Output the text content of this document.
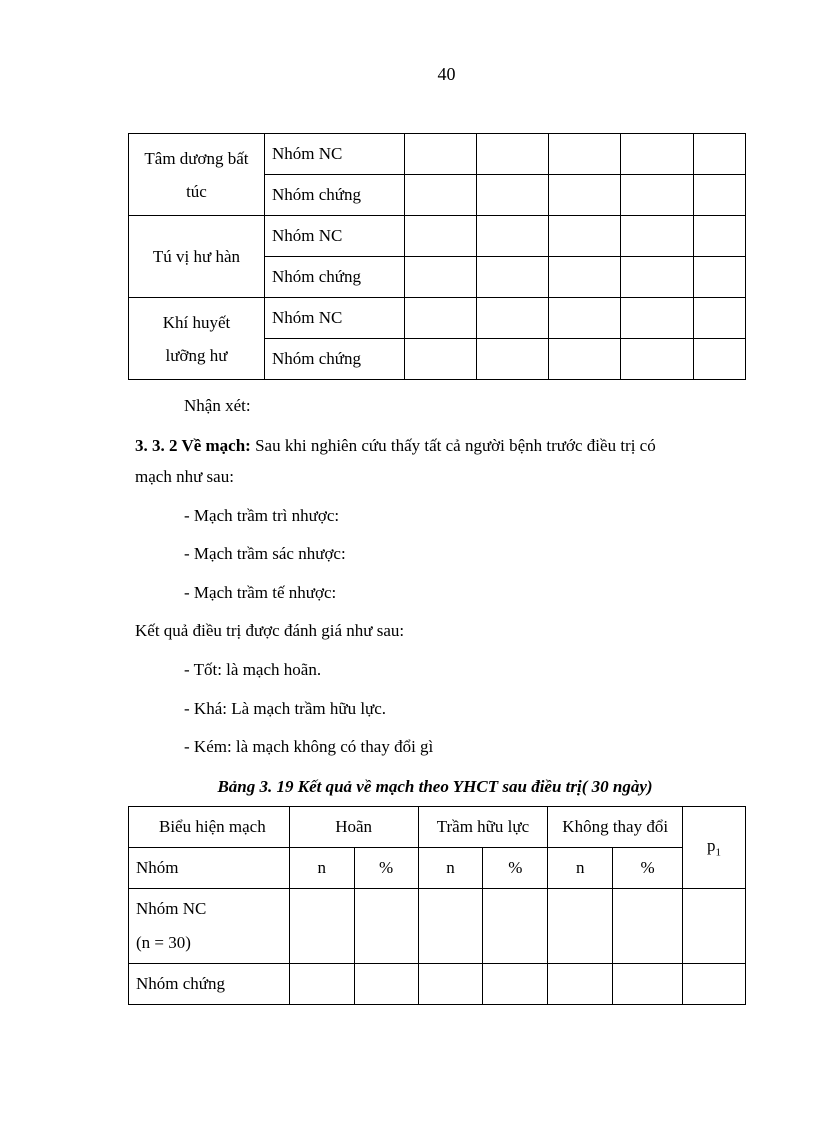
40
Tâm dương bất
túc	Nhóm NC					
	Nhóm chứng					
Tú vị hư hàn	Nhóm NC					
	Nhóm chứng					
Khí huyết
lưỡng hư	Nhóm NC					
	Nhóm chứng					
Nhận xét:
3. 3. 2 Về mạch: Sau khi nghiên cứu thấy tất cả người bệnh trước điều trị có
mạch như sau:
- Mạch trầm trì nhược:
- Mạch trầm sác nhược:
- Mạch trầm tế nhược:
Kết quả điều trị được đánh giá như sau:
- Tốt: là mạch hoãn.
- Khá: Là mạch trầm hữu lực.
- Kém: là mạch không có thay đổi gì
Bảng 3. 19 Kết quả về mạch theo YHCT sau điều trị( 30 ngày)
Biểu hiện mạch	Hoãn		Trầm hữu lực		Không thay đổi		$p_1$
Nhóm	n	%	n	%	n	%	
Nhóm NC
(n = 30)							
Nhóm chứng							
